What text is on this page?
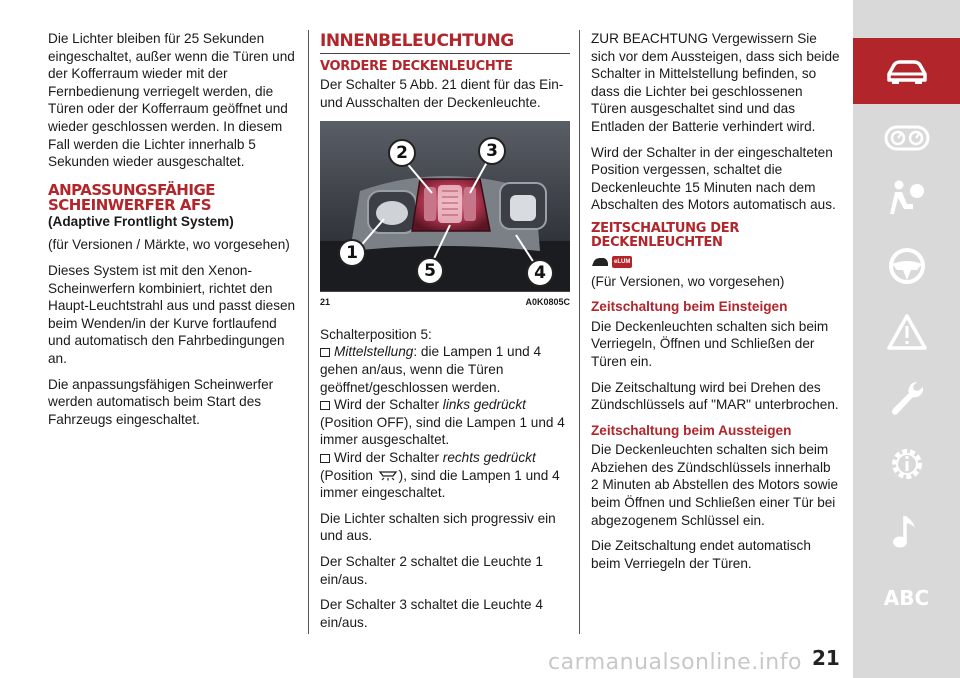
Die Lichter bleiben für 25 Sekunden eingeschaltet, außer wenn die Türen und der Kofferraum wieder mit der Fernbedienung verriegelt werden, die Türen oder der Kofferraum geöffnet und wieder geschlossen werden. In diesem Fall werden die Lichter innerhalb 5 Sekunden wieder ausgeschaltet.

ANPASSUNGSFÄHIGE SCHEINWERFER AFS
(Adaptive Frontlight System)

(für Versionen / Märkte, wo vorgesehen)

Dieses System ist mit den Xenon-Scheinwerfern kombiniert, richtet den Haupt-Leuchtstrahl aus und passt diesen beim Wenden/in der Kurve fortlaufend und automatisch den Fahrbedingungen an.

Die anpassungsfähigen Scheinwerfer werden automatisch beim Start des Fahrzeugs eingeschaltet.

INNENBELEUCHTUNG
VORDERE DECKENLEUCHTE

Der Schalter 5 Abb. 21 dient für das Ein- und Ausschalten der Deckenleuchte.

2	3
1
5	4
21	A0K0805C

Schalterposition 5:

Mittelstellung: die Lampen 1 und 4 gehen an/aus, wenn die Türen geöffnet/geschlossen werden.

Wird der Schalter links gedrückt (Position OFF), sind die Lampen 1 und 4 immer ausgeschaltet.

Wird der Schalter rechts gedrückt
(Position ), sind die Lampen 1 und 4 immer eingeschaltet.

Die Lichter schalten sich progressiv ein und aus.

Der Schalter 2 schaltet die Leuchte 1 ein/aus.

Der Schalter 3 schaltet die Leuchte 4 ein/aus.

ZUR BEACHTUNG Vergewissern Sie sich vor dem Aussteigen, dass sich beide Schalter in Mittelstellung befinden, so dass die Lichter bei geschlossenen Türen ausgeschaltet sind und das Entladen der Batterie verhindert wird.

Wird der Schalter in der eingeschalteten Position vergessen, schaltet die Deckenleuchte 15 Minuten nach dem Abschalten des Motors automatisch aus.

ZEITSCHALTUNG DER DECKENLEUCHTEN
eLUM

(Für Versionen, wo vorgesehen)

Zeitschaltung beim Einsteigen

Die Deckenleuchten schalten sich beim Verriegeln, Öffnen und Schließen der Türen ein.

Die Zeitschaltung wird bei Drehen des Zündschlüssels auf "MAR" unterbrochen.

Zeitschaltung beim Aussteigen

Die Deckenleuchten schalten sich beim Abziehen des Zündschlüssels innerhalb 2 Minuten ab Abstellen des Motors sowie beim Öffnen und Schließen einer Tür bei abgezogenem Schlüssel ein.

Die Zeitschaltung endet automatisch beim Verriegeln der Türen.

ABC
carmanualsonline.info 21
